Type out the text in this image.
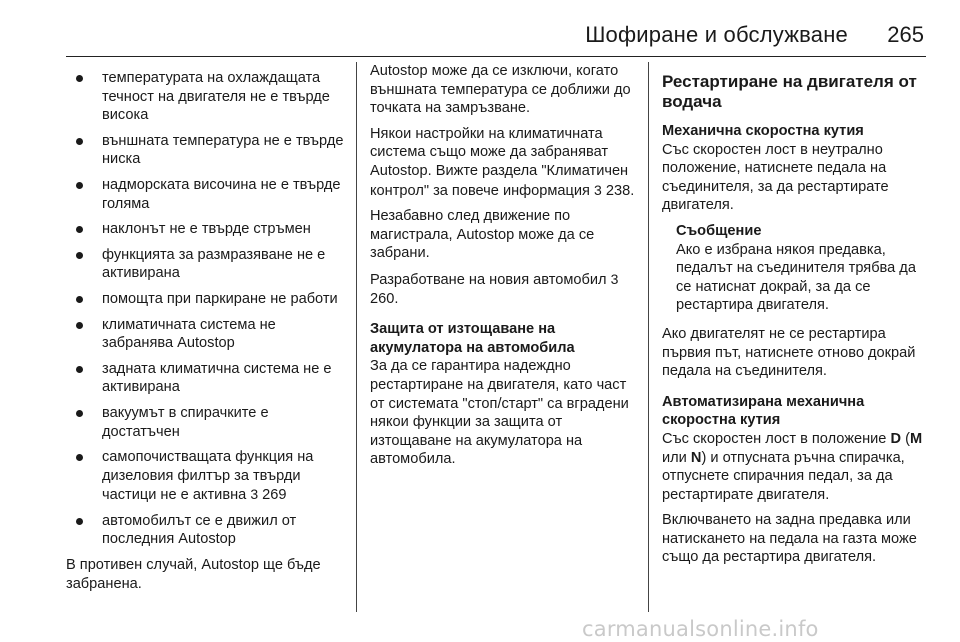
Шофиране и обслужване 265
температурата на охлаждащата течност на двигателя не е твърде висока
външната температура не е твърде ниска
надморската височина не е твърде голяма
наклонът не е твърде стръмен
функцията за размразяване не е активирана
помощта при паркиране не работи
климатичната система не забранява Autostop
задната климатична система не е активирана
вакуумът в спирачките е достатъчен
самопочистващата функция на дизеловия филтър за твърди частици не е активна 3 269
автомобилът се е движил от последния Autostop

В противен случай, Autostop ще бъде забранена.

Autostop може да се изключи, когато външната температура се доближи до точката на замръзване.

Някои настройки на климатичната система също може да забраняват Autostop. Вижте раздела "Климатичен контрол" за повече информация 3 238.

Незабавно след движение по магистрала, Autostop може да се забрани.

Разработване на новия автомобил 3 260.

Защита от изтощаване на акумулатора на автомобила

За да се гарантира надеждно рестартиране на двигателя, като част от системата "стоп/старт" са вградени някои функции за защита от изтощаване на акумулатора на автомобила.

Рестартиране на двигателя от водача
Механична скоростна кутия

Със скоростен лост в неутрално положение, натиснете педала на съединителя, за да рестартирате двигателя.

Съобщение
Ако е избрана някоя предавка, педалът на съединителя трябва да се натиснат докрай, за да се рестартира двигателя.

Ако двигателят не се рестартира първия път, натиснете отново докрай педала на съединителя.

Автоматизирана механична скоростна кутия

Със скоростен лост в положение D (M или N) и отпусната ръчна спирачка, отпуснете спирачния педал, за да рестартирате двигателя.

Включването на задна предавка или натискането на педала на газта може също да рестартира двигателя.

carmanualsonline.info
